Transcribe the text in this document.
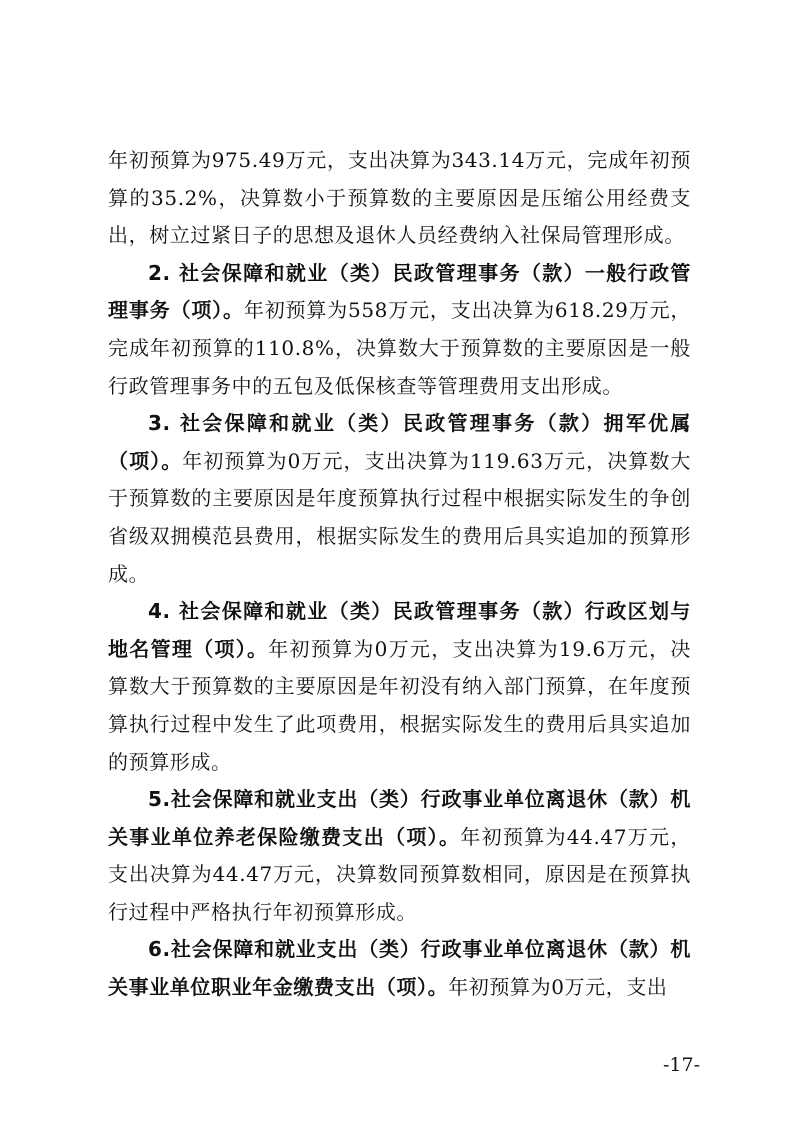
年初预算为975.49万元，支出决算为343.14万元，完成年初预算的35.2%，决算数小于预算数的主要原因是压缩公用经费支出，树立过紧日子的思想及退休人员经费纳入社保局管理形成。

2. 社会保障和就业（类）民政管理事务（款）一般行政管理事务（项）。年初预算为558万元，支出决算为618.29万元，完成年初预算的110.8%，决算数大于预算数的主要原因是一般行政管理事务中的五包及低保核查等管理费用支出形成。

3. 社会保障和就业（类）民政管理事务（款）拥军优属（项）。年初预算为0万元，支出决算为119.63万元，决算数大于预算数的主要原因是年度预算执行过程中根据实际发生的争创省级双拥模范县费用，根据实际发生的费用后具实追加的预算形成。

4. 社会保障和就业（类）民政管理事务（款）行政区划与地名管理（项）。年初预算为0万元，支出决算为19.6万元，决算数大于预算数的主要原因是年初没有纳入部门预算，在年度预算执行过程中发生了此项费用，根据实际发生的费用后具实追加的预算形成。

5.社会保障和就业支出（类）行政事业单位离退休（款）机关事业单位养老保险缴费支出（项）。年初预算为44.47万元，支出决算为44.47万元，决算数同预算数相同，原因是在预算执行过程中严格执行年初预算形成。

6.社会保障和就业支出（类）行政事业单位离退休（款）机关事业单位职业年金缴费支出（项）。年初预算为0万元，支出

-17-
